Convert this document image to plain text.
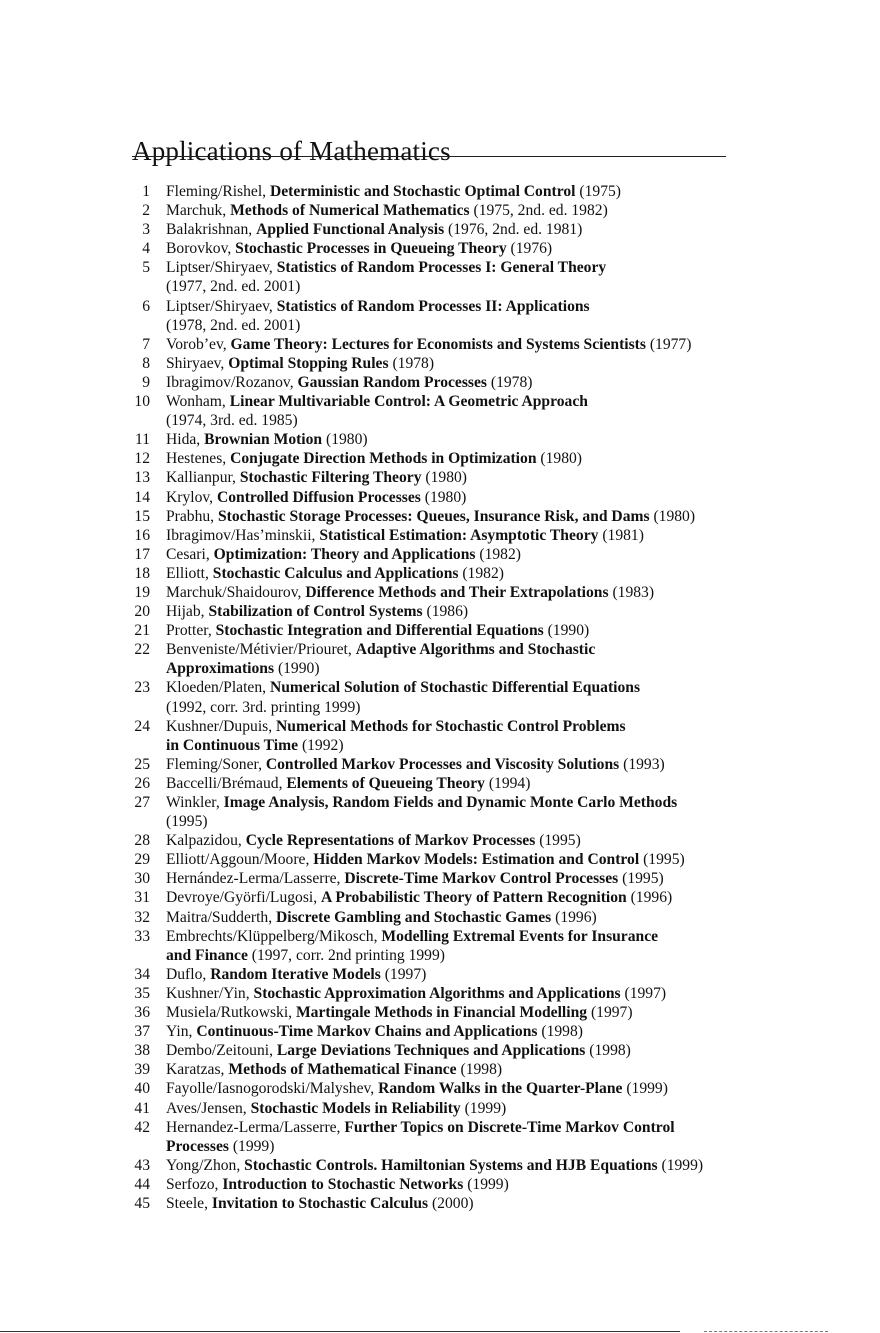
Applications of Mathematics
1 Fleming/Rishel, Deterministic and Stochastic Optimal Control (1975)
2 Marchuk, Methods of Numerical Mathematics (1975, 2nd. ed. 1982)
3 Balakrishnan, Applied Functional Analysis (1976, 2nd. ed. 1981)
4 Borovkov, Stochastic Processes in Queueing Theory (1976)
5 Liptser/Shiryaev, Statistics of Random Processes I: General Theory
(1977, 2nd. ed. 2001)
6 Liptser/Shiryaev, Statistics of Random Processes II: Applications
(1978, 2nd. ed. 2001)
7 Vorob’ev, Game Theory: Lectures for Economists and Systems Scientists (1977)
8 Shiryaev, Optimal Stopping Rules (1978)
9 Ibragimov/Rozanov, Gaussian Random Processes (1978)
10 Wonham, Linear Multivariable Control: A Geometric Approach
(1974, 3rd. ed. 1985)
11 Hida, Brownian Motion (1980)
12 Hestenes, Conjugate Direction Methods in Optimization (1980)
13 Kallianpur, Stochastic Filtering Theory (1980)
14 Krylov, Controlled Diffusion Processes (1980)
15 Prabhu, Stochastic Storage Processes: Queues, Insurance Risk, and Dams (1980)
16 Ibragimov/Has’minskii, Statistical Estimation: Asymptotic Theory (1981)
17 Cesari, Optimization: Theory and Applications (1982)
18 Elliott, Stochastic Calculus and Applications (1982)
19 Marchuk/Shaidourov, Difference Methods and Their Extrapolations (1983)
20 Hijab, Stabilization of Control Systems (1986)
21 Protter, Stochastic Integration and Differential Equations (1990)
22 Benveniste/Métivier/Priouret, Adaptive Algorithms and Stochastic
Approximations (1990)
23 Kloeden/Platen, Numerical Solution of Stochastic Differential Equations
(1992, corr. 3rd. printing 1999)
24 Kushner/Dupuis, Numerical Methods for Stochastic Control Problems
in Continuous Time (1992)
25 Fleming/Soner, Controlled Markov Processes and Viscosity Solutions (1993)
26 Baccelli/Brémaud, Elements of Queueing Theory (1994)
27 Winkler, Image Analysis, Random Fields and Dynamic Monte Carlo Methods
(1995)
28 Kalpazidou, Cycle Representations of Markov Processes (1995)
29 Elliott/Aggoun/Moore, Hidden Markov Models: Estimation and Control (1995)
30 Hernández-Lerma/Lasserre, Discrete-Time Markov Control Processes (1995)
31 Devroye/Györfi/Lugosi, A Probabilistic Theory of Pattern Recognition (1996)
32 Maitra/Sudderth, Discrete Gambling and Stochastic Games (1996)
33 Embrechts/Klüppelberg/Mikosch, Modelling Extremal Events for Insurance
and Finance (1997, corr. 2nd printing 1999)
34 Duflo, Random Iterative Models (1997)
35 Kushner/Yin, Stochastic Approximation Algorithms and Applications (1997)
36 Musiela/Rutkowski, Martingale Methods in Financial Modelling (1997)
37 Yin, Continuous-Time Markov Chains and Applications (1998)
38 Dembo/Zeitouni, Large Deviations Techniques and Applications (1998)
39 Karatzas, Methods of Mathematical Finance (1998)
40 Fayolle/Iasnogorodski/Malyshev, Random Walks in the Quarter-Plane (1999)
41 Aves/Jensen, Stochastic Models in Reliability (1999)
42 Hernandez-Lerma/Lasserre, Further Topics on Discrete-Time Markov Control
Processes (1999)
43 Yong/Zhon, Stochastic Controls. Hamiltonian Systems and HJB Equations (1999)
44 Serfozo, Introduction to Stochastic Networks (1999)
45 Steele, Invitation to Stochastic Calculus (2000)
